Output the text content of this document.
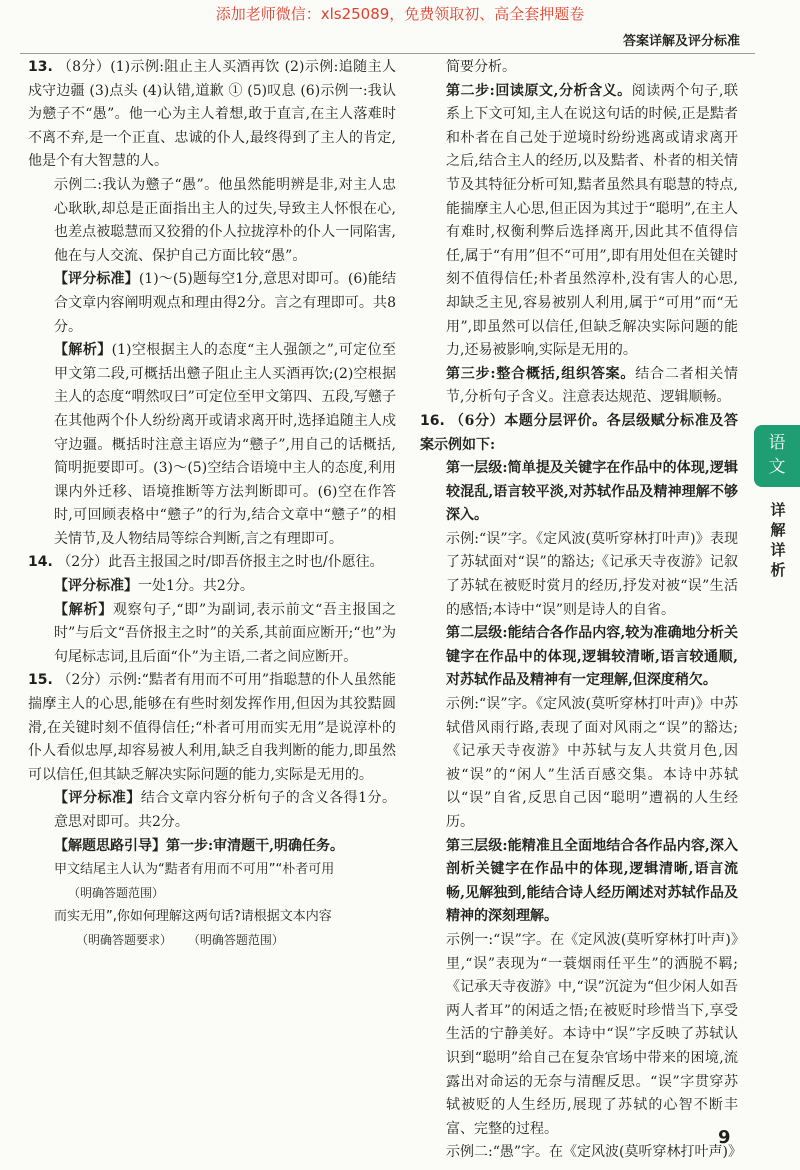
添加老师微信：xls25089，免费领取初、高全套押题卷
答案详解及评分标准
语
文
详
解
详
析

13. （8分）(1)示例:阻止主人买酒再饮 (2)示例:追随主人戍守边疆 (3)点头 (4)认错,道歉 ① (5)叹息 (6)示例一:我认为戆子不“愚”。他一心为主人着想,敢于直言,在主人落难时不离不弃,是一个正直、忠诚的仆人,最终得到了主人的肯定,他是个有大智慧的人。

示例二:我认为戆子“愚”。他虽然能明辨是非,对主人忠心耿耿,却总是正面指出主人的过失,导致主人怀恨在心,也差点被聪慧而又狡猾的仆人拉拢淳朴的仆人一同陷害,他在与人交流、保护自己方面比较“愚”。

【评分标准】(1)～(5)题每空1分,意思对即可。(6)能结合文章内容阐明观点和理由得2分。言之有理即可。共8分。

【解析】(1)空根据主人的态度“主人强颌之”,可定位至甲文第二段,可概括出戆子阻止主人买酒再饮;(2)空根据主人的态度“喟然叹曰”可定位至甲文第四、五段,写戆子在其他两个仆人纷纷离开或请求离开时,选择追随主人戍守边疆。概括时注意主语应为“戆子”,用自己的话概括,简明扼要即可。(3)～(5)空结合语境中主人的态度,利用课内外迁移、语境推断等方法判断即可。(6)空在作答时,可回顾表格中“戆子”的行为,结合文章中“戆子”的相关情节,及人物结局等综合判断,言之有理即可。

14. （2分）此吾主报国之时/即吾侪报主之时也/仆愿往。

【评分标准】一处1分。共2分。

【解析】观察句子,“即”为副词,表示前文“吾主报国之时”与后文“吾侪报主之时”的关系,其前面应断开;“也”为句尾标志词,且后面“仆”为主语,二者之间应断开。

15. （2分）示例:“黠者有用而不可用”指聪慧的仆人虽然能揣摩主人的心思,能够在有些时刻发挥作用,但因为其狡黠圆滑,在关键时刻不值得信任;“朴者可用而实无用”是说淳朴的仆人看似忠厚,却容易被人利用,缺乏自我判断的能力,即虽然可以信任,但其缺乏解决实际问题的能力,实际是无用的。

【评分标准】结合文章内容分析句子的含义各得1分。意思对即可。共2分。

【解题思路引导】第一步:审清题干,明确任务。

甲文结尾主人认为“黠者有用而不可用”“朴者可用

（明确答题范围）

而实无用”,你如何理解这两句话?请根据文本内容

（明确答题要求） （明确答题范围）

简要分析。

第二步:回读原文,分析含义。阅读两个句子,联系上下文可知,主人在说这句话的时候,正是黠者和朴者在自己处于逆境时纷纷逃离或请求离开之后,结合主人的经历,以及黠者、朴者的相关情节及其特征分析可知,黠者虽然具有聪慧的特点,能揣摩主人心思,但正因为其过于“聪明”,在主人有难时,权衡利弊后选择离开,因此其不值得信任,属于“有用”但不“可用”,即有用处但在关键时刻不值得信任;朴者虽然淳朴,没有害人的心思,却缺乏主见,容易被别人利用,属于“可用”而“无用”,即虽然可以信任,但缺乏解决实际问题的能力,还易被影响,实际是无用的。

第三步:整合概括,组织答案。结合二者相关情节,分析句子含义。注意表达规范、逻辑顺畅。

16. （6分）本题分层评价。各层级赋分标准及答案示例如下:

第一层级:简单提及关键字在作品中的体现,逻辑较混乱,语言较平淡,对苏轼作品及精神理解不够深入。

示例:“误”字。《定风波(莫听穿林打叶声)》表现了苏轼面对“误”的豁达;《记承天寺夜游》记叙了苏轼在被贬时赏月的经历,抒发对被“误”生活的感悟;本诗中“误”则是诗人的自省。

第二层级:能结合各作品内容,较为准确地分析关键字在作品中的体现,逻辑较清晰,语言较通顺,对苏轼作品及精神有一定理解,但深度稍欠。

示例:“误”字。《定风波(莫听穿林打叶声)》中苏轼借风雨行路,表现了面对风雨之“误”的豁达;《记承天寺夜游》中苏轼与友人共赏月色,因被“误”的“闲人”生活百感交集。本诗中苏轼以“误”自省,反思自己因“聪明”遭祸的人生经历。

第三层级:能精准且全面地结合各作品内容,深入剖析关键字在作品中的体现,逻辑清晰,语言流畅,见解独到,能结合诗人经历阐述对苏轼作品及精神的深刻理解。

示例一:“误”字。在《定风波(莫听穿林打叶声)》里,“误”表现为“一蓑烟雨任平生”的洒脱不羁;《记承天寺夜游》中,“误”沉淀为“但少闲人如吾两人者耳”的闲适之悟;在被贬时珍惜当下,享受生活的宁静美好。本诗中“误”字反映了苏轼认识到“聪明”给自己在复杂官场中带来的困境,流露出对命运的无奈与清醒反思。“误”字贯穿苏轼被贬的人生经历,展现了苏轼的心智不断丰富、完整的过程。

示例二:“愚”字。在《定风波(莫听穿林打叶声)》

9
